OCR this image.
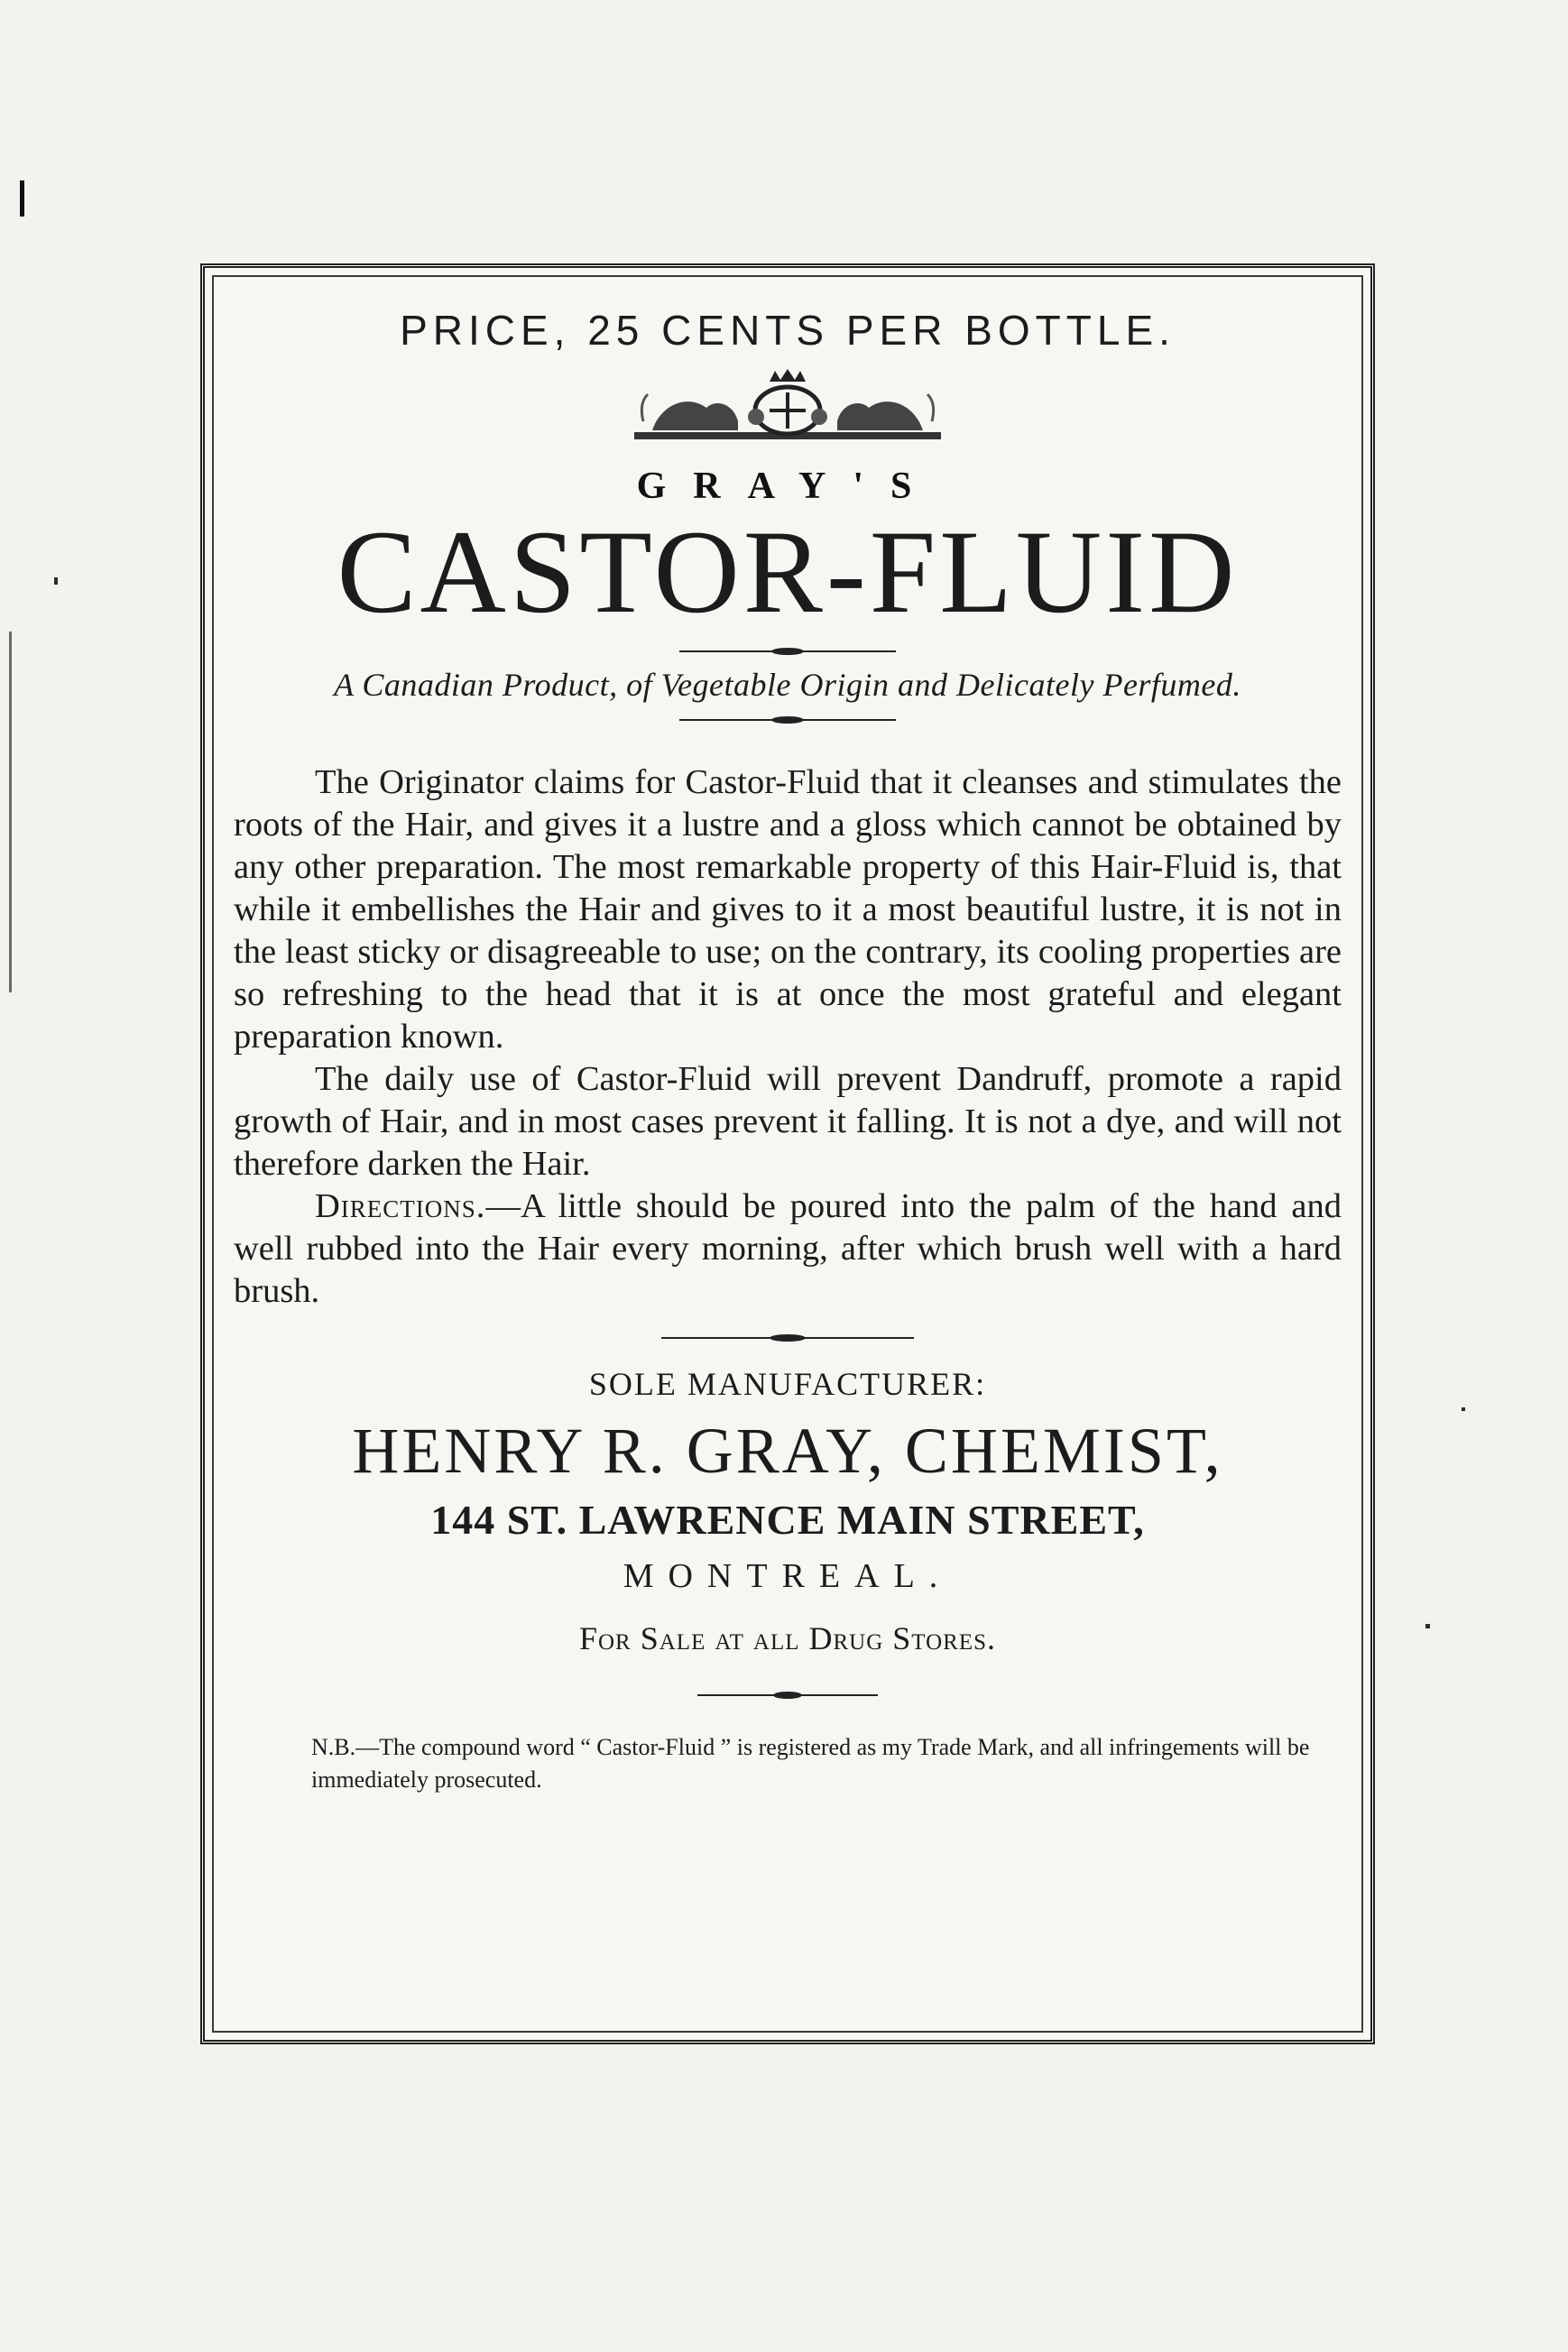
PRICE, 25 CENTS PER BOTTLE.
GRAY'S
CASTOR-FLUID
A Canadian Product, of Vegetable Origin and Delicately Perfumed.

The Originator claims for Castor-Fluid that it cleanses and stimulates the roots of the Hair, and gives it a lustre and a gloss which cannot be obtained by any other preparation. The most remarkable property of this Hair-Fluid is, that while it embellishes the Hair and gives to it a most beautiful lustre, it is not in the least sticky or disagreeable to use; on the contrary, its cooling properties are so refreshing to the head that it is at once the most grateful and elegant preparation known.

The daily use of Castor-Fluid will prevent Dandruff, promote a rapid growth of Hair, and in most cases prevent it falling. It is not a dye, and will not therefore darken the Hair.

Directions.—A little should be poured into the palm of the hand and well rubbed into the Hair every morning, after which brush well with a hard brush.

SOLE MANUFACTURER:
HENRY R. GRAY, CHEMIST,
144 ST. LAWRENCE MAIN STREET,
MONTREAL.
For Sale at all Drug Stores.
N.B.—The compound word “ Castor-Fluid ” is registered as my Trade Mark, and all infringements will be immediately prosecuted.
